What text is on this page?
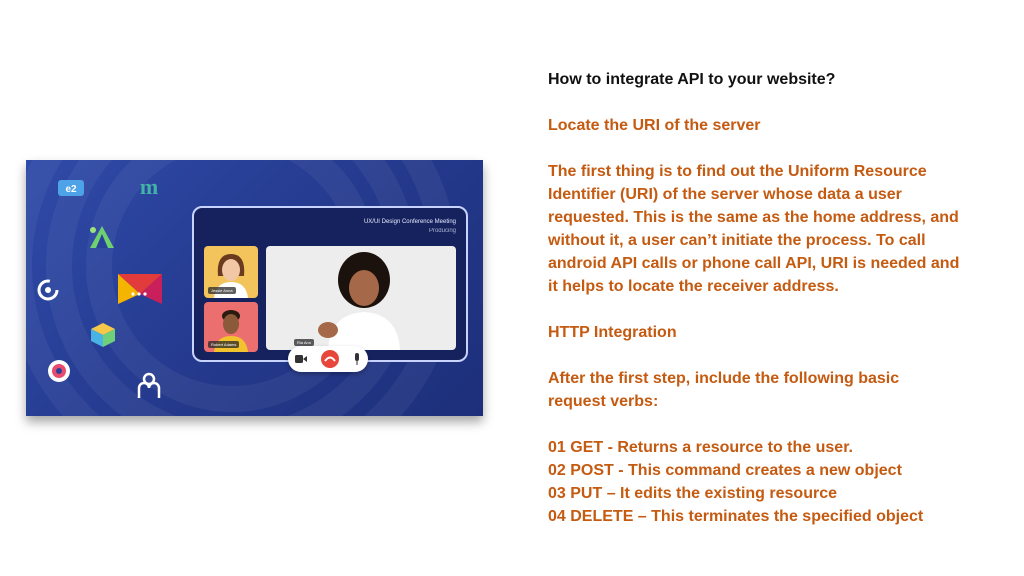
e2	m
UX/UI Design Conference Meeting
Producing
Jessie Anna
Robert Adams	Ria Ann

How to integrate API to your website?

Locate the URI of the server

The first thing is to find out the Uniform Resource

Identifier (URI) of the server whose data a user

requested. This is the same as the home address, and

without it, a user can’t initiate the process. To call

android API calls or phone call API, URI is needed and

it helps to locate the receiver address.

HTTP Integration

After the first step, include the following basic

request verbs:

01 GET - Returns a resource to the user.

02 POST - This command creates a new object

03 PUT – It edits the existing resource

04 DELETE – This terminates the specified object
